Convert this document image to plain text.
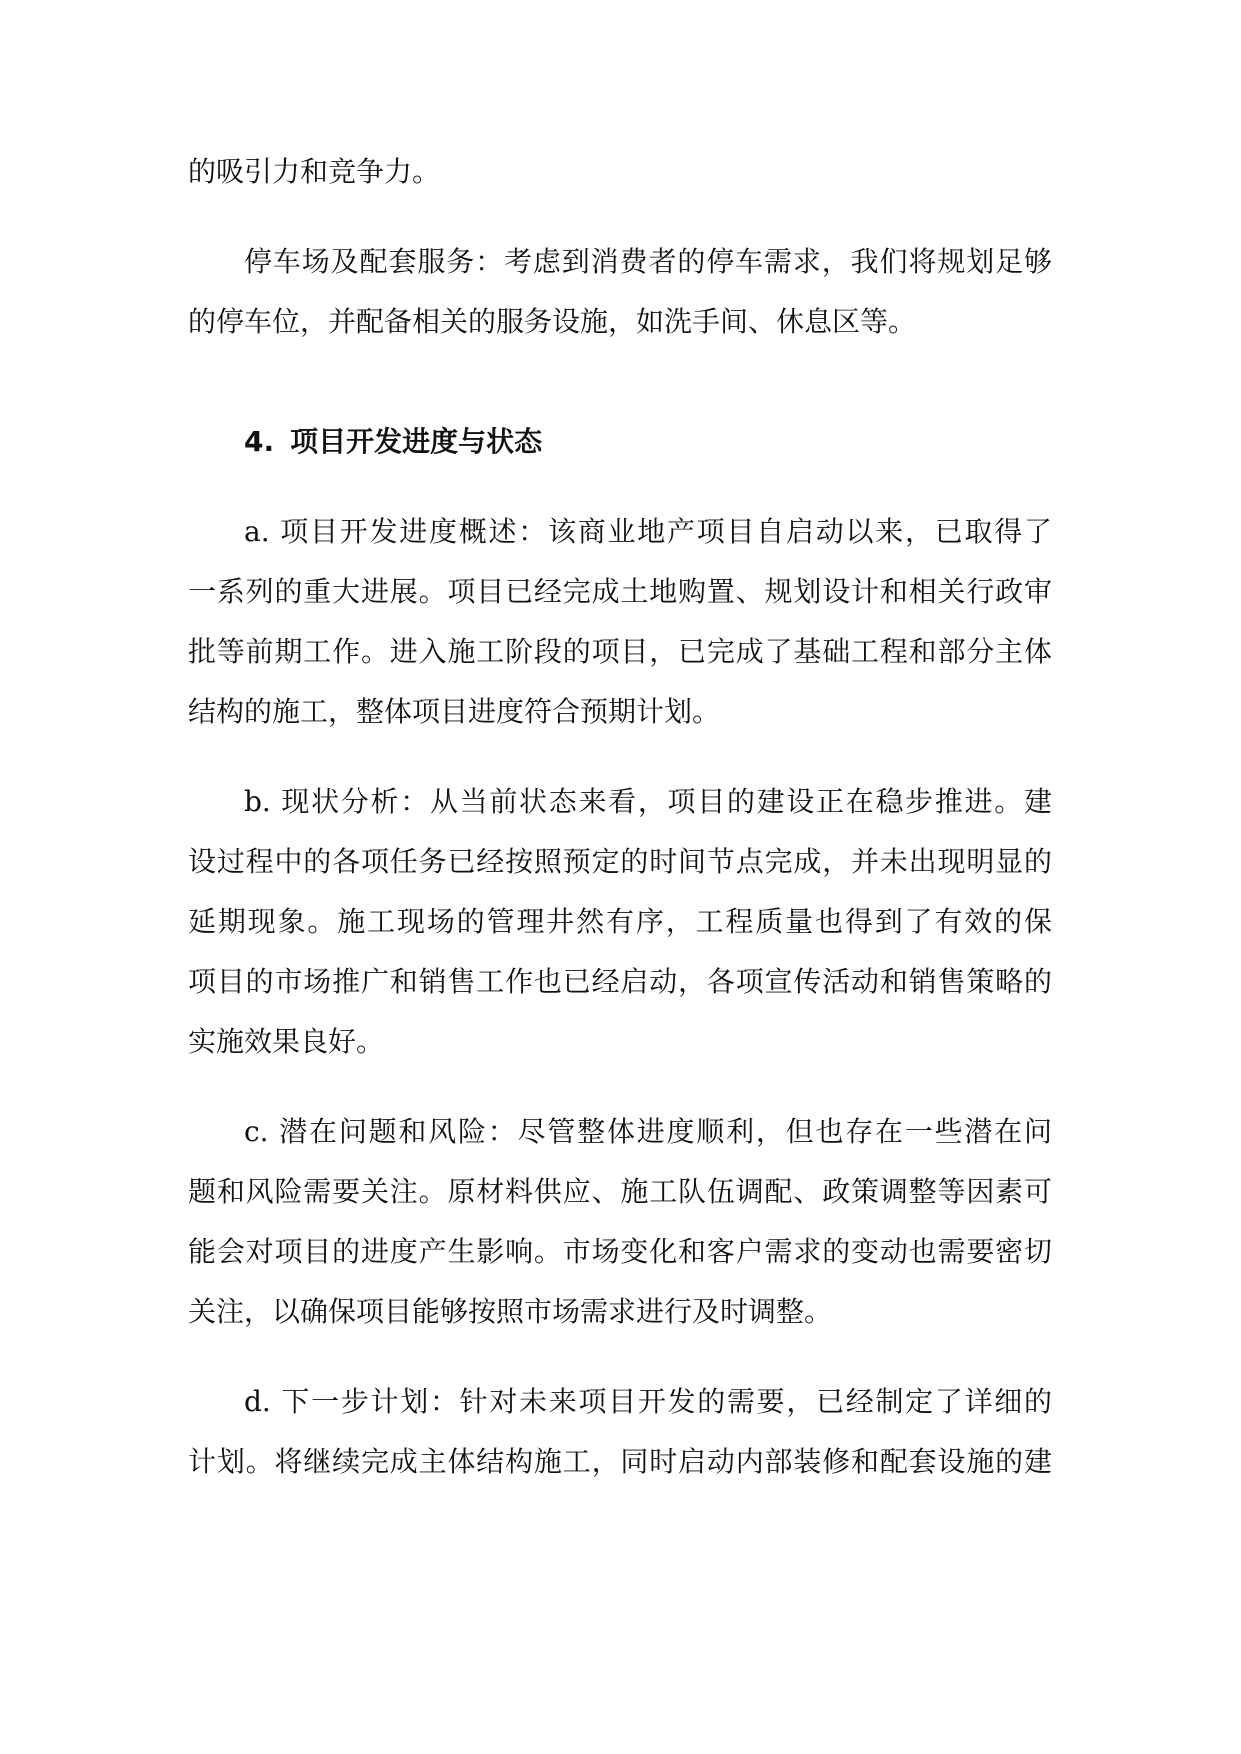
的吸引力和竞争力。
停车场及配套服务：考虑到消费者的停车需求，我们将规划足够
的停车位，并配备相关的服务设施，如洗手间、休息区等。
4. 项目开发进度与状态
a. 项目开发进度概述：该商业地产项目自启动以来，已取得了
一系列的重大进展。项目已经完成土地购置、规划设计和相关行政审
批等前期工作。进入施工阶段的项目，已完成了基础工程和部分主体
结构的施工，整体项目进度符合预期计划。
b. 现状分析：从当前状态来看，项目的建设正在稳步推进。建
设过程中的各项任务已经按照预定的时间节点完成，并未出现明显的
延期现象。施工现场的管理井然有序，工程质量也得到了有效的保
项目的市场推广和销售工作也已经启动，各项宣传活动和销售策略的
实施效果良好。
c. 潜在问题和风险：尽管整体进度顺利，但也存在一些潜在问
题和风险需要关注。原材料供应、施工队伍调配、政策调整等因素可
能会对项目的进度产生影响。市场变化和客户需求的变动也需要密切
关注，以确保项目能够按照市场需求进行及时调整。
d. 下一步计划：针对未来项目开发的需要，已经制定了详细的
计划。将继续完成主体结构施工，同时启动内部装修和配套设施的建
